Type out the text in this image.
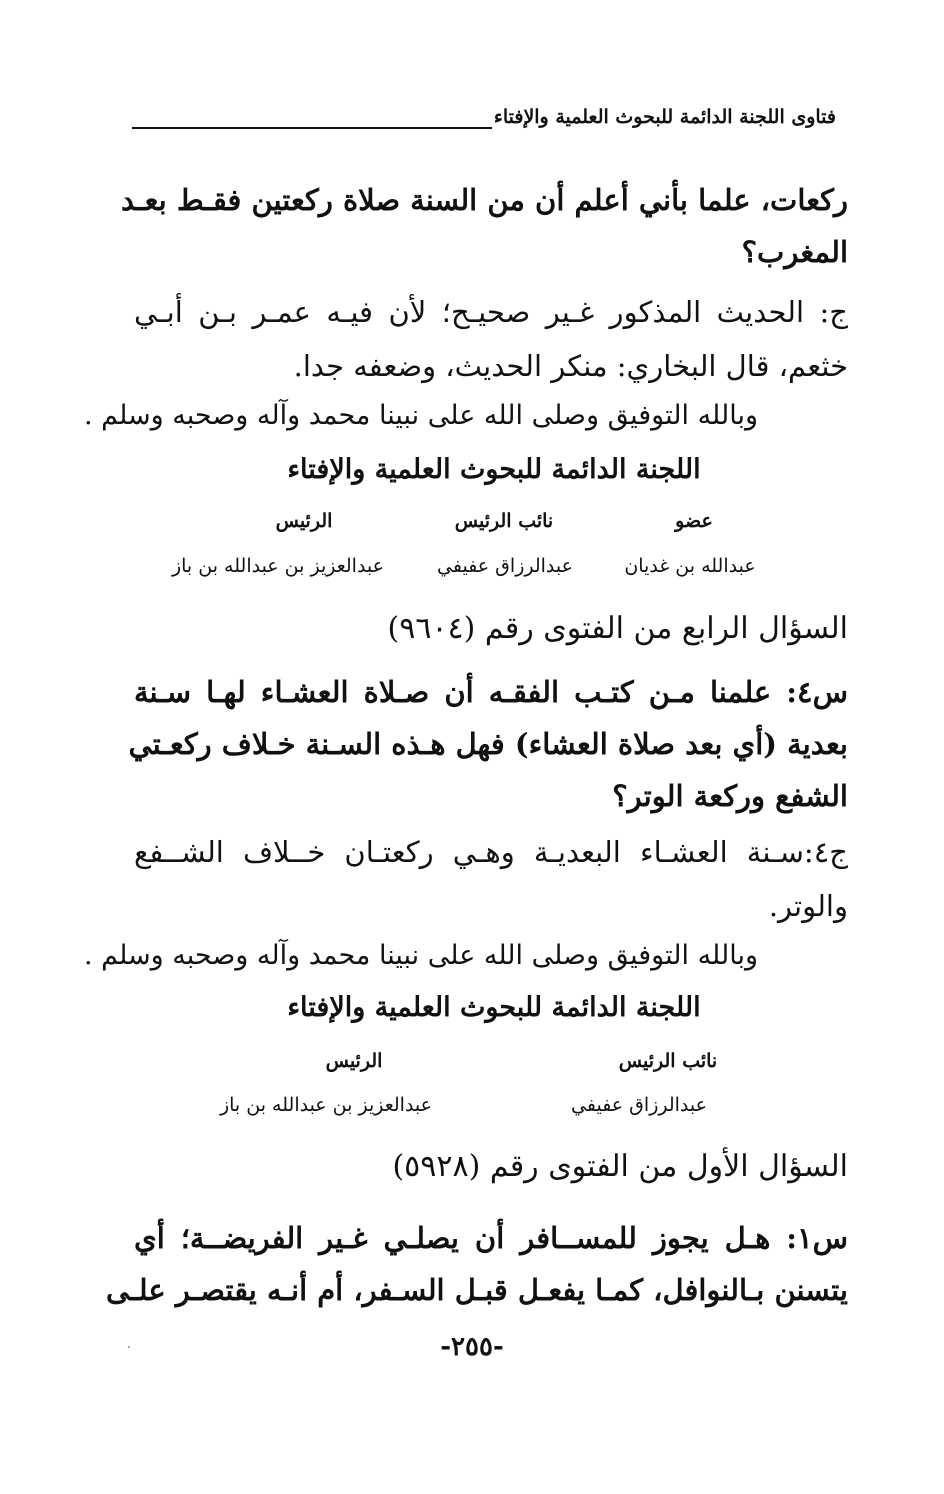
فتاوى اللجنة الدائمة للبحوث العلمية والإفتاء
ركعات، علما بأني أعلم أن من السنة صلاة ركعتين فقـط بعـد
المغرب؟
ج: الحديث المذكور غـير صحيـح؛ لأن فيـه عمـر بـن أبـي
خثعم، قال البخاري: منكر الحديث، وضعفه جدا.
وبالله التوفيق وصلى الله على نبينا محمد وآله وصحبه وسلم .
اللجنة الدائمة للبحوث العلمية والإفتاء
عضو
نائب الرئيس
الرئيس
عبدالله بن غديان
عبدالرزاق عفيفي
عبدالعزيز بن عبدالله بن باز
السؤال الرابع من الفتوى رقم (٩٦٠٤)
س٤: علمنا مـن كتـب الفقـه أن صـلاة العشـاء لهـا سـنة
بعدية (أي بعد صلاة العشاء) فهل هـذه السـنة خـلاف ركعـتي
الشفع وركعة الوتر؟
ج٤:سـنة العشـاء البعديـة وهـي ركعتـان خــلاف الشــفع
والوتر.
وبالله التوفيق وصلى الله على نبينا محمد وآله وصحبه وسلم .
اللجنة الدائمة للبحوث العلمية والإفتاء
نائب الرئيس
الرئيس
عبدالرزاق عفيفي
عبدالعزيز بن عبدالله بن باز
السؤال الأول من الفتوى رقم (٥٩٢٨)
س١: هـل يجوز للمســافر أن يصلـي غـير الفريضــة؛ أي
يتسنن بـالنوافل، كمـا يفعـل قبـل السـفر، أم أنـه يقتصـر علـى
-٢٥٥-
